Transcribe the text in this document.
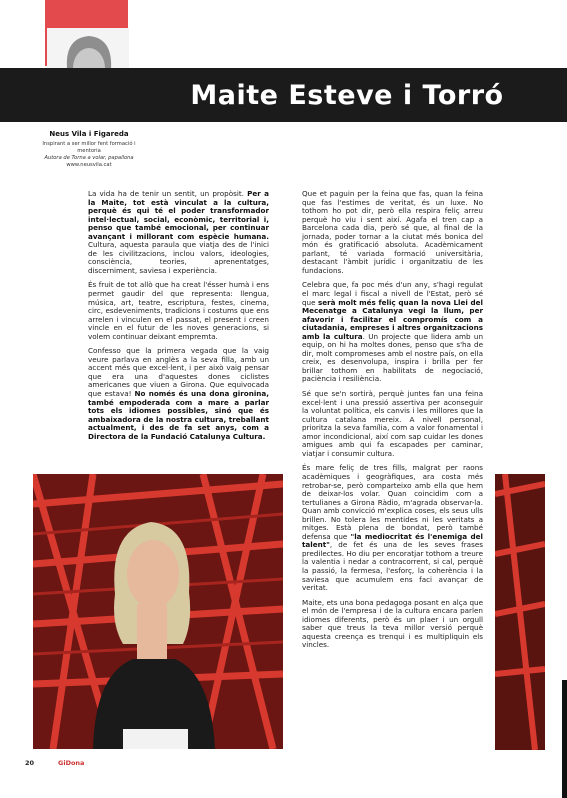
Maite Esteve i Torró
Neus Vila i Figareda
Inspirant a ser millor fent formació i
mentoria
Autora de Torna a volar, papallona
www.neusvila.cat

La vida ha de tenir un sentit, un propòsit. Per a la Maite, tot està vinculat a la cultura, perquè és qui té el poder transformador intel·lectual, social, econòmic, territorial i, penso que també emocional, per continuar avançant i millorant com espècie humana. Cultura, aquesta paraula que viatja des de l'inici de les civilitzacions, inclou valors, ideologies, consciència, teories, aprenentatges, discerniment, saviesa i experiència.

És fruit de tot allò que ha creat l'ésser humà i ens permet gaudir del que representa: llengua, música, art, teatre, escriptura, festes, cinema, circ, esdeveniments, tradicions i costums que ens arrelen i vinculen en el passat, el present i creen vincle en el futur de les noves generacions, si volem continuar deixant empremta.

Confesso que la primera vegada que la vaig veure parlava en anglès a la seva filla, amb un accent més que excel·lent, i per això vaig pensar que era una d'aquestes dones ciclistes americanes que viuen a Girona. Que equivocada que estava! No només és una dona gironina, també empoderada com a mare a parlar tots els idiomes possibles, sinó que és ambaixadora de la nostra cultura, treballant actualment, i des de fa set anys, com a Directora de la Fundació Catalunya Cultura.

Que et paguin per la feina que fas, quan la feina que fas l'estimes de veritat, és un luxe. No tothom ho pot dir, però ella respira feliç arreu perquè ho viu i sent així. Agafa el tren cap a Barcelona cada dia, però sé que, al final de la jornada, poder tornar a la ciutat més bonica del món és gratificació absoluta. Acadèmicament parlant, té variada formació universitària, destacant l'àmbit jurídic i organitzatiu de les fundacions.

Celebra que, fa poc més d'un any, s'hagi regulat el marc legal i fiscal a nivell de l'Estat, però sé que serà molt més feliç quan la nova Llei del Mecenatge a Catalunya vegi la llum, per afavorir i facilitar el compromís com a ciutadania, empreses i altres organitzacions amb la cultura. Un projecte que lidera amb un equip, on hi ha moltes dones, penso que s'ha de dir, molt compromeses amb el nostre país, on ella creix, es desenvolupa, inspira i brilla per fer brillar tothom en habilitats de negociació, paciència i resiliència.

Sé que se'n sortirà, perquè juntes fan una feina excel·lent i una pressió assertiva per aconseguir la voluntat política, els canvis i les millores que la cultura catalana mereix. A nivell personal, prioritza la seva família, com a valor fonamental i amor incondicional, així com sap cuidar les dones amigues amb qui fa escapades per caminar, viatjar i consumir cultura.

És mare feliç de tres fills, malgrat per raons acadèmiques i geogràfiques, ara costa més retrobar-se, però comparteixo amb ella que hem de deixar-los volar. Quan coincidim com a tertulianes a Girona Ràdio, m'agrada observar-la. Quan amb convicció m'explica coses, els seus ulls brillen. No tolera les mentides ni les veritats a mitges. Està plena de bondat, però també defensa que "la mediocritat és l'enemiga del talent", de fet és una de les seves frases predilectes. Ho diu per encoratjar tothom a treure la valentia i nedar a contracorrent, si cal, perquè la passió, la fermesa, l'esforç, la coherència i la saviesa que acumulem ens faci avançar de veritat.

Maite, ets una bona pedagoga posant en alça que el món de l'empresa i de la cultura encara parlen idiomes diferents, però és un plaer i un orgull saber que treus la teva millor versió perquè aquesta creença es trenqui i es multipliquin els vincles.

20	GiDona
